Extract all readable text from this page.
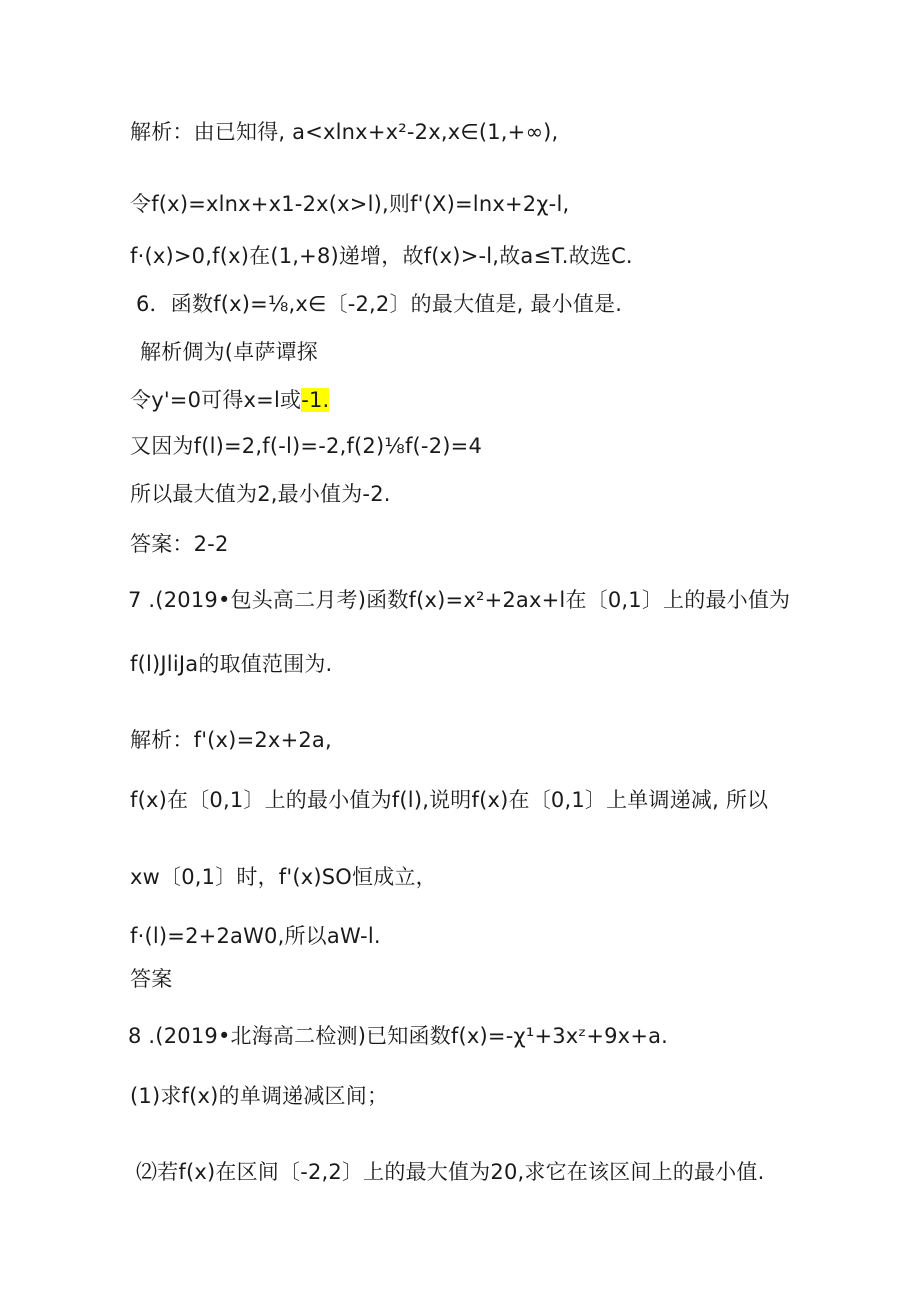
解析：由已知得, a<xlnx+x²-2x,x∈(1,+∞),
令f(x)=xlnx+x1-2x(x>l),则f'(X)=lnx+2χ-l,
f·(x)>0,f(x)在(1,+8)递增，故f(x)>-l,故a≤T.故选C.
6．函数f(x)=⅛,x∈〔-2,2〕的最大值是, 最小值是.
解析倜为(卓萨谭探
令y'=0可得x=l或-1.
又因为f(l)=2,f(-l)=-2,f(2)⅛f(-2)=4
所以最大值为2,最小值为-2.
答案：2-2
7 .(2019•包头高二月考)函数f(x)=x²+2ax+l在〔0,1〕上的最小值为
f(l)JliJa的取值范围为.
解析：f'(x)=2x+2a,
f(x)在〔0,1〕上的最小值为f(l),说明f(x)在〔0,1〕上单调递减, 所以
xw〔0,1〕时，f'(x)SO恒成立，
f·(l)=2+2aW0,所以aW-l.
答案
8 .(2019•北海高二检测)已知函数f(x)=-χ¹+3xᶻ+9x+a.
(1)求f(x)的单调递减区间；
⑵若f(x)在区间〔-2,2〕上的最大值为20,求它在该区间上的最小值.
